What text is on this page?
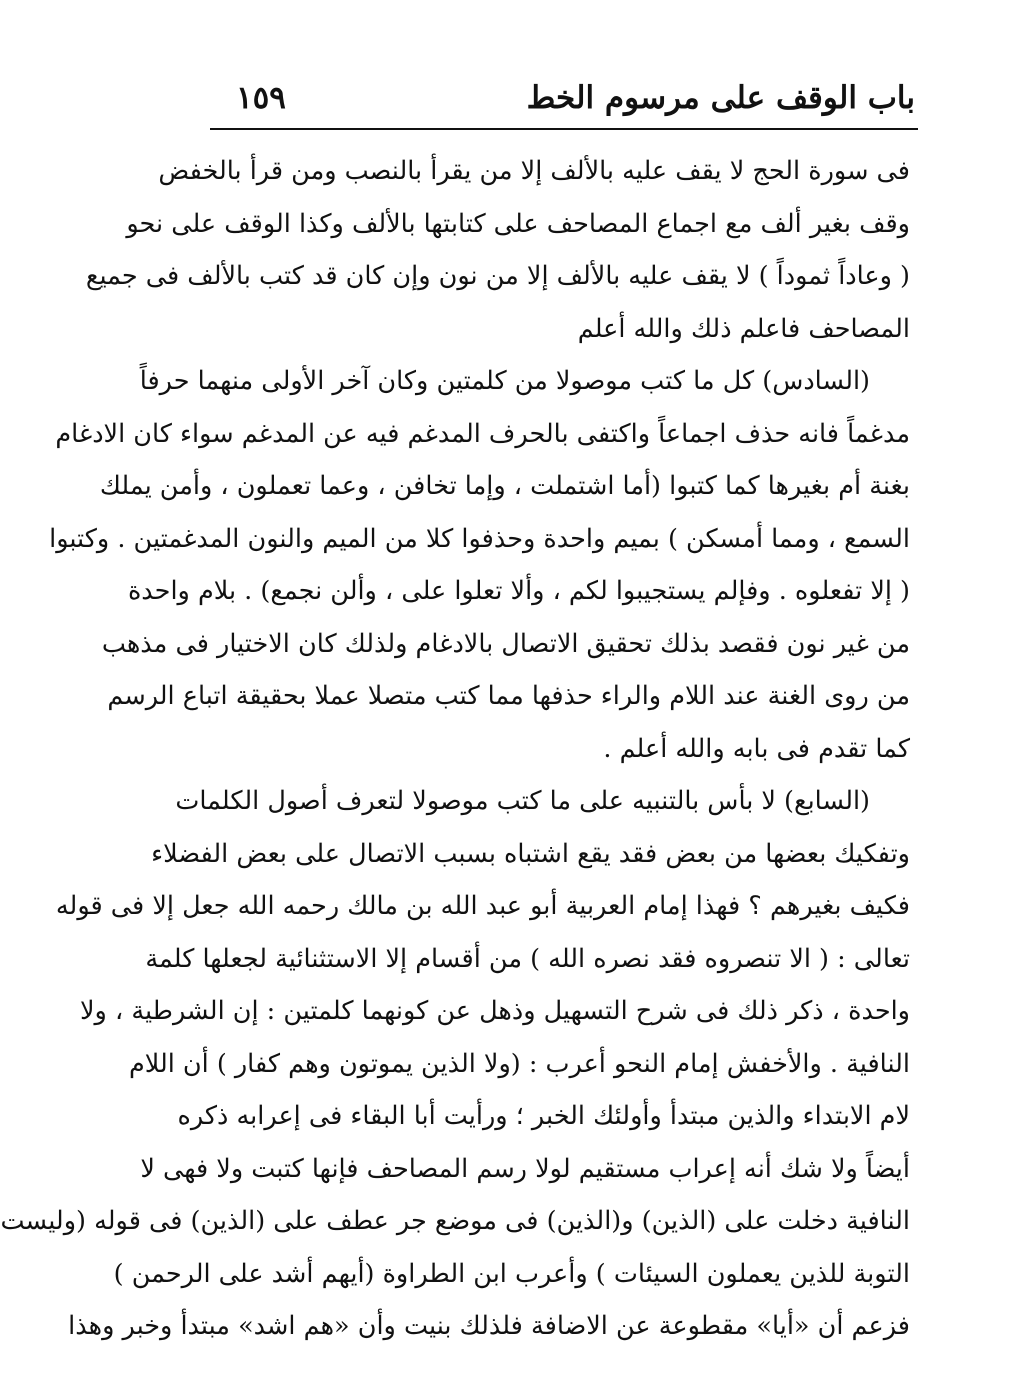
باب الوقف على مرسوم الخط
١٥٩
فى سورة الحج لا يقف عليه بالألف إلا من يقرأ بالنصب ومن قرأ بالخفض
وقف بغير ألف مع اجماع المصاحف على كتابتها بالألف وكذا الوقف على نحو
( وعاداً ثموداً ) لا يقف عليه بالألف إلا من نون وإن كان قد كتب بالألف فى جميع
المصاحف فاعلم ذلك والله أعلم
(السادس) كل ما كتب موصولا من كلمتين وكان آخر الأولى منهما حرفاً
مدغماً فانه حذف اجماعاً واكتفى بالحرف المدغم فيه عن المدغم سواء كان الادغام
بغنة أم بغيرها كما كتبوا (أما اشتملت ، وإما تخافن ، وعما تعملون ، وأمن يملك
السمع ، ومما أمسكن ) بميم واحدة وحذفوا كلا من الميم والنون المدغمتين . وكتبوا
( إلا تفعلوه . وفإلم يستجيبوا لكم ، وألا تعلوا على ، وألن نجمع) . بلام واحدة
من غير نون فقصد بذلك تحقيق الاتصال بالادغام ولذلك كان الاختيار فى مذهب
من روى الغنة عند اللام والراء حذفها مما كتب متصلا عملا بحقيقة اتباع الرسم
كما تقدم فى بابه والله أعلم .
(السابع) لا بأس بالتنبيه على ما كتب موصولا لتعرف أصول الكلمات
وتفكيك بعضها من بعض فقد يقع اشتباه بسبب الاتصال على بعض الفضلاء
فكيف بغيرهم ؟ فهذا إمام العربية أبو عبد الله بن مالك رحمه الله جعل إلا فى قوله
تعالى : ( الا تنصروه فقد نصره الله ) من أقسام إلا الاستثنائية لجعلها كلمة
واحدة ، ذكر ذلك فى شرح التسهيل وذهل عن كونهما كلمتين : إن الشرطية ، ولا
النافية . والأخفش إمام النحو أعرب : (ولا الذين يموتون وهم كفار ) أن اللام
لام الابتداء والذين مبتدأ وأولئك الخبر ؛ ورأيت أبا البقاء فى إعرابه ذكره
أيضاً ولا شك أنه إعراب مستقيم لولا رسم المصاحف فإنها كتبت ولا فهى لا
النافية دخلت على (الذين) و(الذين) فى موضع جر عطف على (الذين) فى قوله (وليست
التوبة للذين يعملون السيئات ) وأعرب ابن الطراوة (أيهم أشد على الرحمن )
فزعم أن «أيا» مقطوعة عن الاضافة فلذلك بنيت وأن «هم اشد» مبتدأ وخبر وهذا
